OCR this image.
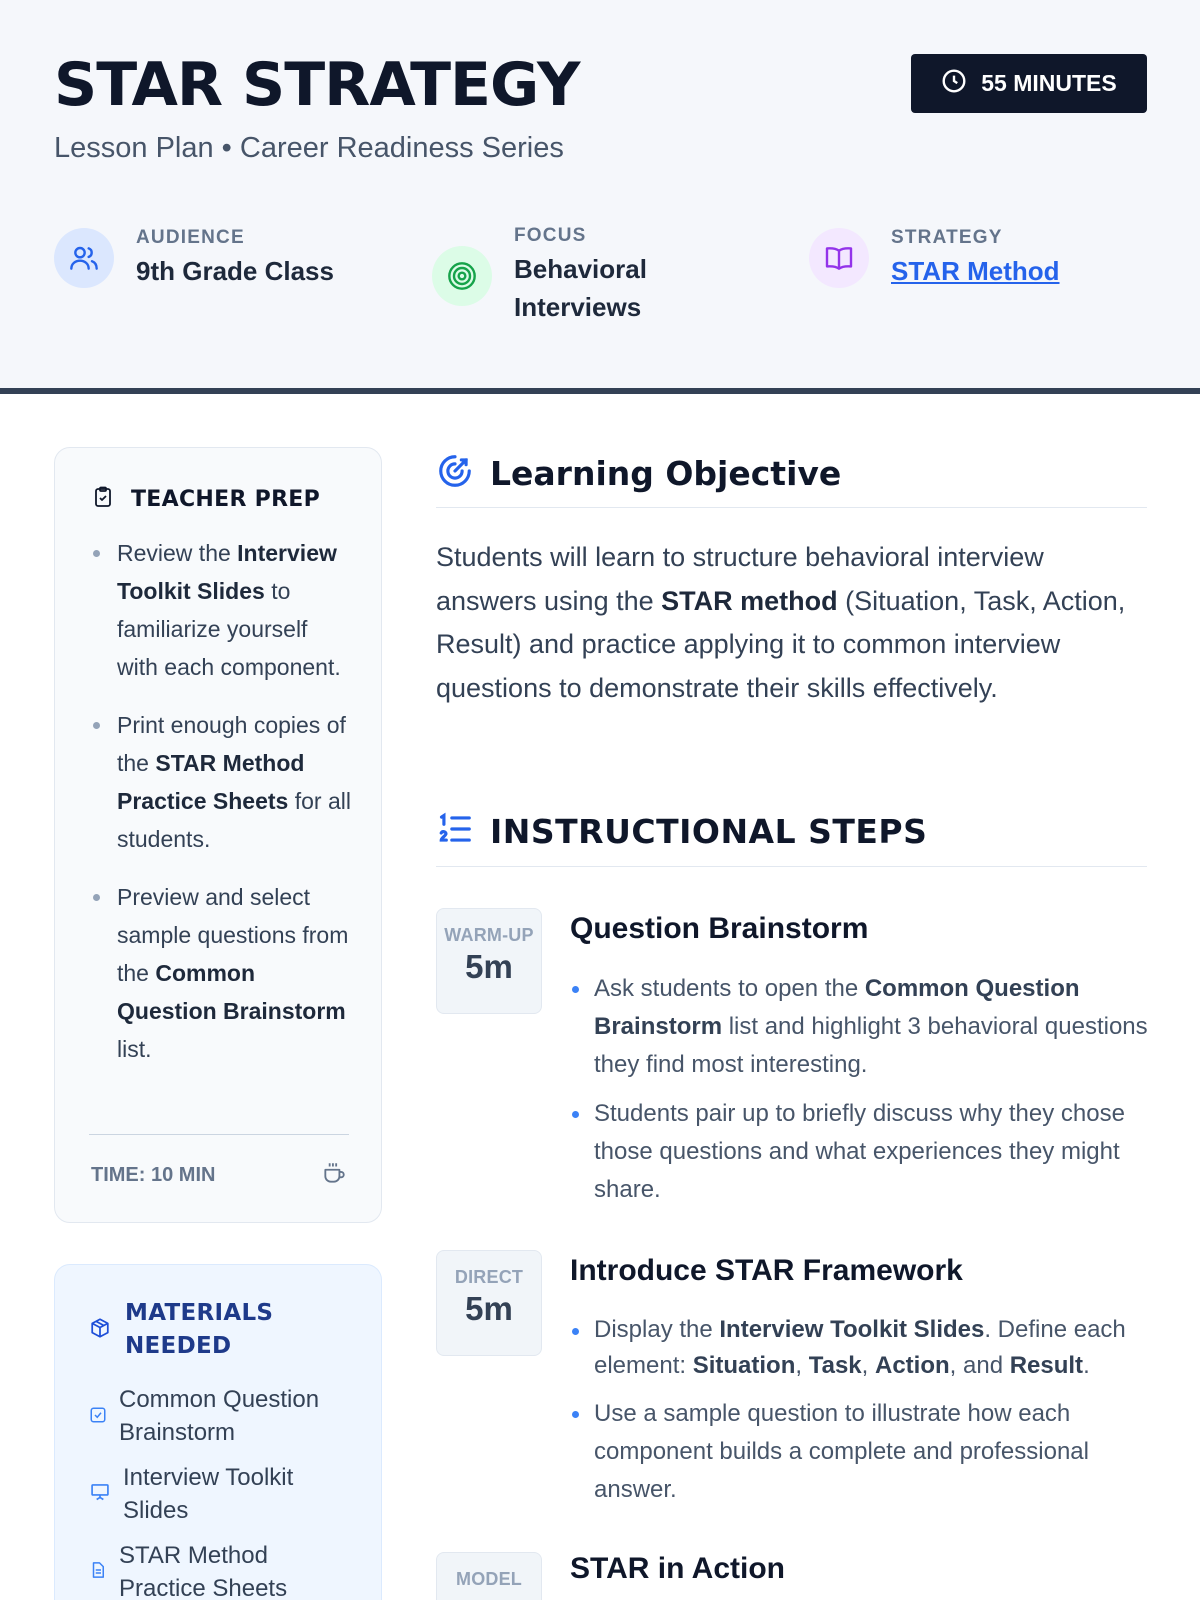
STAR STRATEGY
Lesson Plan • Career Readiness Series
55 MINUTES
AUDIENCE
9th Grade Class
FOCUS
Behavioral
Interviews
STRATEGY
STAR Method
TEACHER PREP
Review the Interview Toolkit Slides to familiarize yourself with each component.
Print enough copies of the STAR Method Practice Sheets for all students.
Preview and select sample questions from the Common Question Brainstorm list.
TIME: 10 MIN
MATERIALS
NEEDED
Common Question
Brainstorm
Interview Toolkit
Slides
STAR Method
Practice Sheets
Learning Objective

Students will learn to structure behavioral interview answers using the STAR method (Situation, Task, Action, Result) and practice applying it to common interview questions to demonstrate their skills effectively.

INSTRUCTIONAL STEPS
WARM-UP
5m
Question Brainstorm
Ask students to open the Common Question Brainstorm list and highlight 3 behavioral questions they find most interesting.
Students pair up to briefly discuss why they chose those questions and what experiences they might share.
DIRECT
5m
Introduce STAR Framework
Display the Interview Toolkit Slides. Define each element: Situation, Task, Action, and Result.
Use a sample question to illustrate how each component builds a complete and professional answer.
MODEL	STAR in Action
